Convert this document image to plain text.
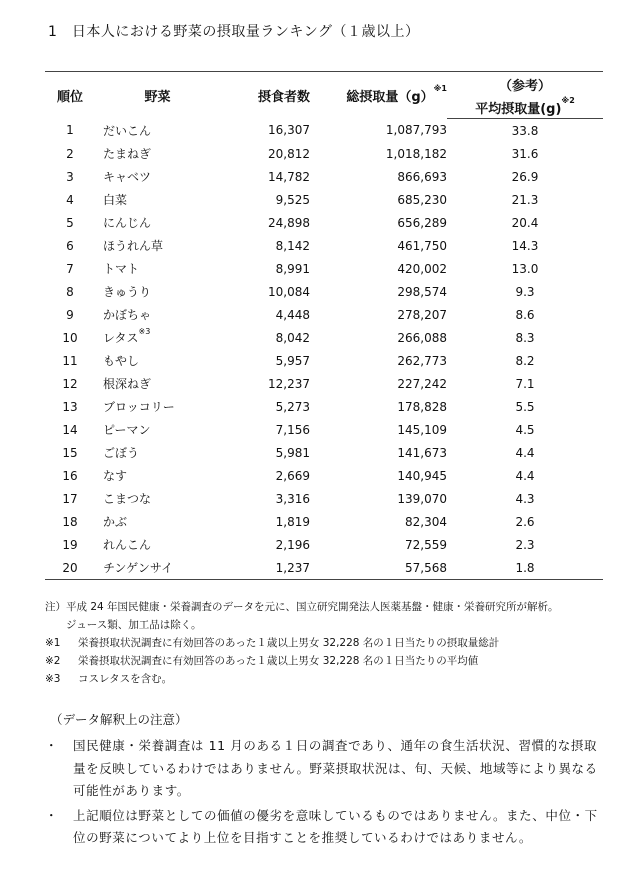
1　日本人における野菜の摂取量ランキング（１歳以上）
順位	野菜	摂食者数	総摂取量$(g)^{※1}$	（参考）
				平均摂取量$(g)^{※2}$
1	だいこん	16,307	1,087,793	33.8
2	たまねぎ	20,812	1,018,182	31.6
3	キャベツ	14,782	866,693	26.9
4	白菜	9,525	685,230	21.3
5	にんじん	24,898	656,289	20.4
6	ほうれん草	8,142	461,750	14.3
7	トマト	8,991	420,002	13.0
8	きゅうり	10,084	298,574	9.3
9	かぼちゃ	4,448	278,207	8.6
10	レタス$^{※3}$	8,042	266,088	8.3
11	もやし	5,957	262,773	8.2
12	根深ねぎ	12,237	227,242	7.1
13	ブロッコリー	5,273	178,828	5.5
14	ピーマン	7,156	145,109	4.5
15	ごぼう	5,981	141,673	4.4
16	なす	2,669	140,945	4.4
17	こまつな	3,316	139,070	4.3
18	かぶ	1,819	82,304	2.6
19	れんこん	2,196	72,559	2.3
20	チンゲンサイ	1,237	57,568	1.8
注） 平成 24 年国民健康・栄養調査のデータを元に、国立研究開発法人医薬基盤・健康・栄養研究所が解析。
ジュース類、加工品は除く。
※1	栄養摂取状況調査に有効回答のあった１歳以上男女 32,228 名の１日当たりの摂取量総計
※2	栄養摂取状況調査に有効回答のあった１歳以上男女 32,228 名の１日当たりの平均値
※3	コスレタスを含む。
（データ解釈上の注意）
・	国民健康・栄養調査は 11 月のある１日の調査であり、通年の食生活状況、習慣的な摂取量を反映しているわけではありません。野菜摂取状況は、旬、天候、地域等により異なる可能性があります。
・	上記順位は野菜としての価値の優劣を意味しているものではありません。また、中位・下位の野菜についてより上位を目指すことを推奨しているわけではありません。
